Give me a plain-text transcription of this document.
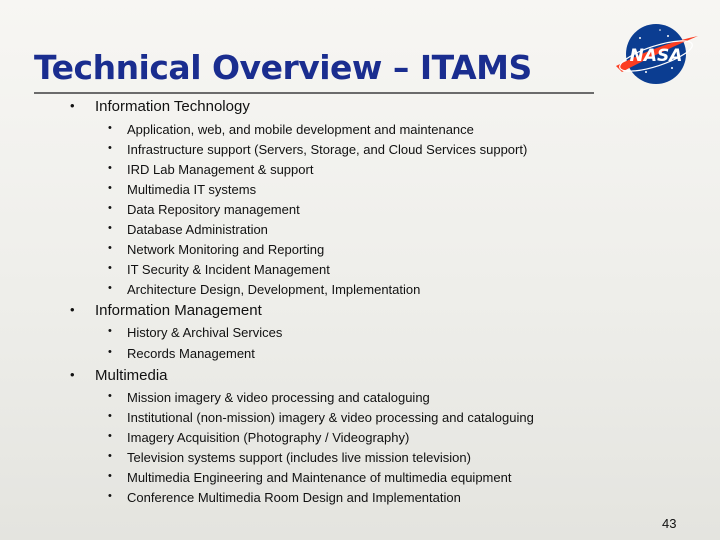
Technical Overview – ITAMS	NASA
• Information Technology
• Application, web, and mobile development and maintenance
• Infrastructure support (Servers, Storage, and Cloud Services support)
• IRD Lab Management & support
• Multimedia IT systems
• Data Repository management
• Database Administration
• Network Monitoring and Reporting
• IT Security & Incident Management
• Architecture Design, Development, Implementation
• Information Management
• History & Archival Services
• Records Management
• Multimedia
• Mission imagery & video processing and cataloguing
• Institutional (non-mission) imagery & video processing and cataloguing
• Imagery Acquisition (Photography / Videography)
• Television systems support (includes live mission television)
• Multimedia Engineering and Maintenance of multimedia equipment
• Conference Multimedia Room Design and Implementation
43
